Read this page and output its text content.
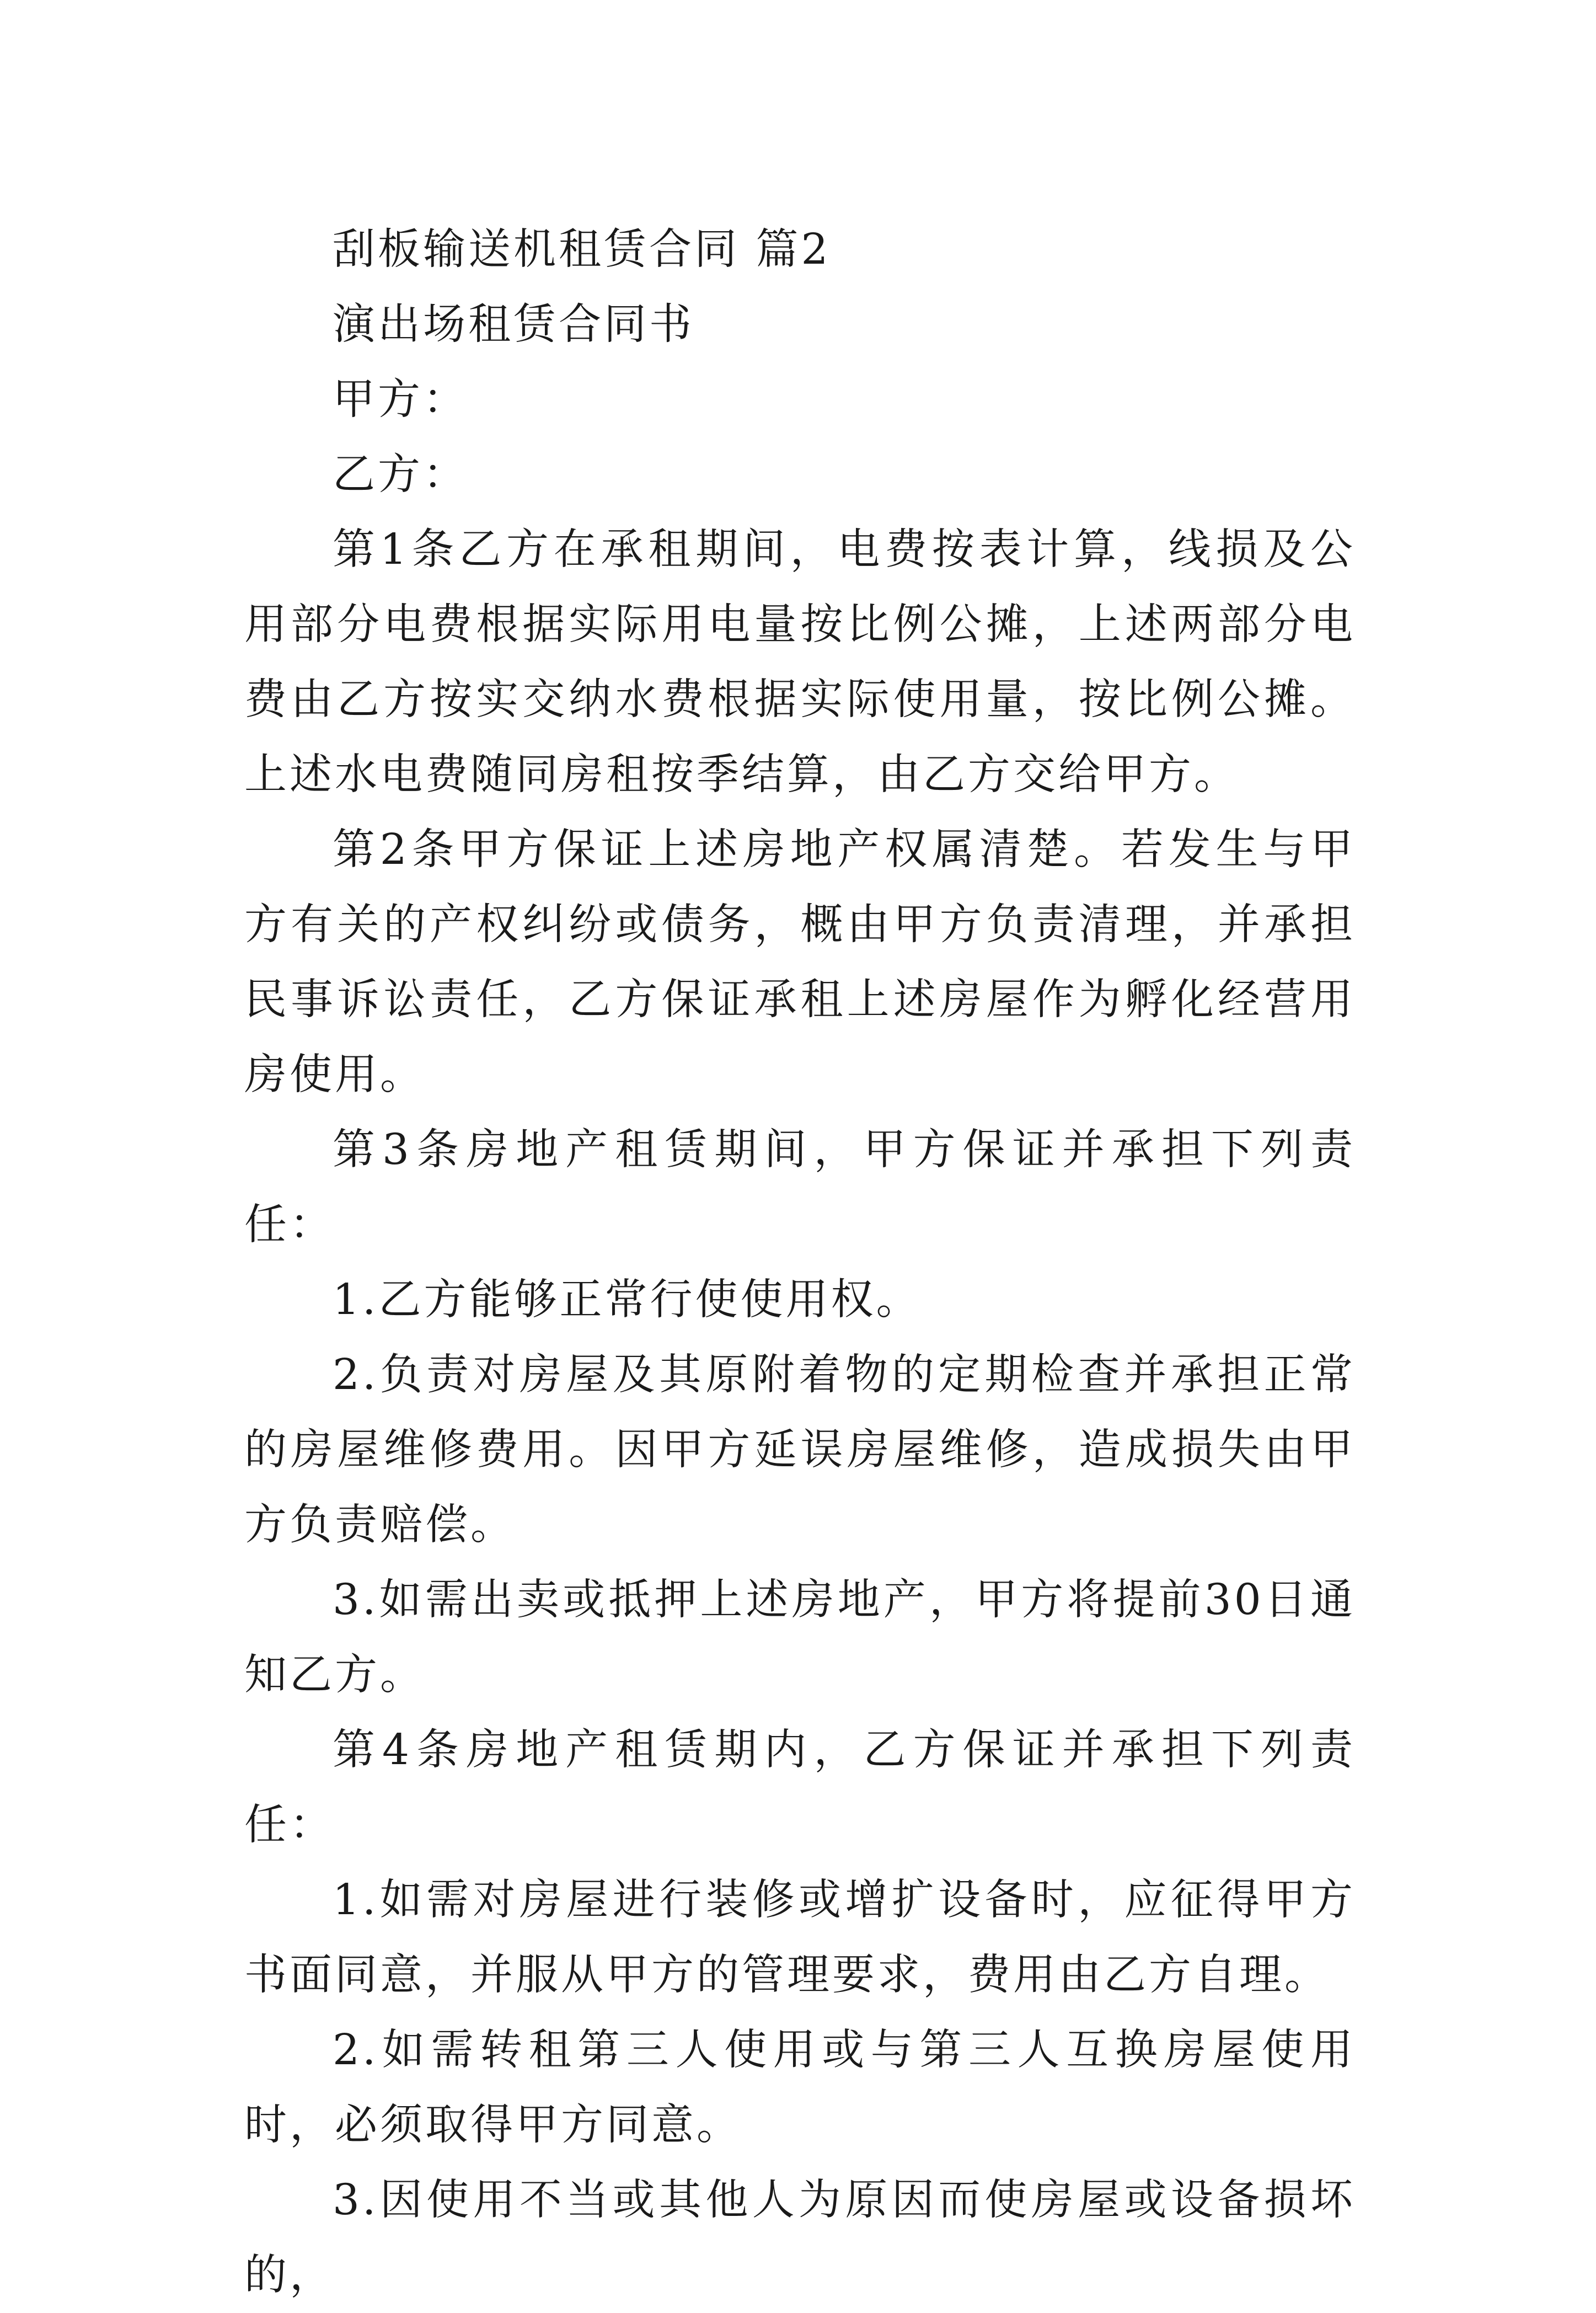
刮板输送机租赁合同 篇2

演出场租赁合同书

甲方：

乙方：

第1条乙方在承租期间，电费按表计算，线损及公用部分电费根据实际用电量按比例公摊，上述两部分电费由乙方按实交纳水费根据实际使用量，按比例公摊。上述水电费随同房租按季结算，由乙方交给甲方。

第2条甲方保证上述房地产权属清楚。若发生与甲方有关的产权纠纷或债务，概由甲方负责清理，并承担民事诉讼责任，乙方保证承租上述房屋作为孵化经营用房使用。

第3条房地产租赁期间，甲方保证并承担下列责任：

1.乙方能够正常行使使用权。

2.负责对房屋及其原附着物的定期检查并承担正常的房屋维修费用。因甲方延误房屋维修，造成损失由甲方负责赔偿。

3.如需出卖或抵押上述房地产，甲方将提前30日通知乙方。

第4条房地产租赁期内，乙方保证并承担下列责任：

1.如需对房屋进行装修或增扩设备时，应征得甲方书面同意，并服从甲方的管理要求，费用由乙方自理。

2.如需转租第三人使用或与第三人互换房屋使用时，必须取得甲方同意。

3.因使用不当或其他人为原因而使房屋或设备损坏的，
